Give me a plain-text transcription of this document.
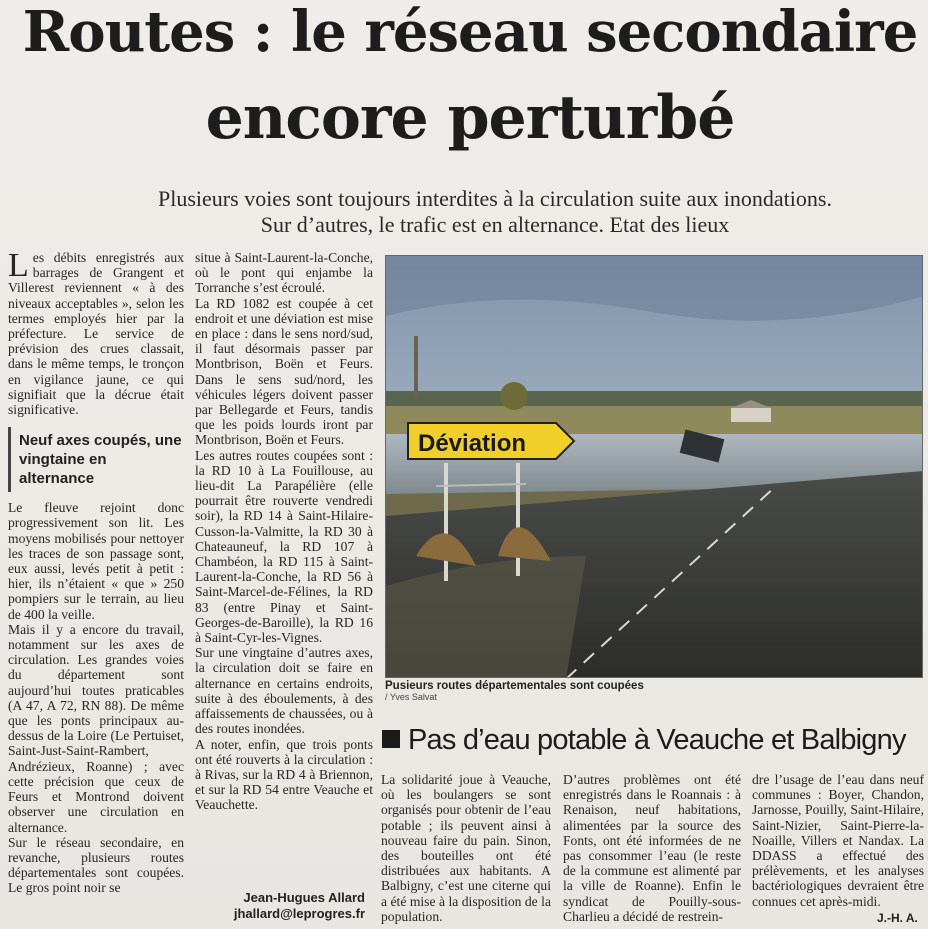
Routes : le réseau secondaire
encore perturbé
Plusieurs voies sont toujours interdites à la circulation suite aux inondations.
Sur d’autres, le trafic est en alternance. Etat des lieux

Les débits enregistrés aux barrages de Grangent et Villerest reviennent « à des niveaux acceptables », selon les termes employés hier par la préfecture. Le service de prévision des crues classait, dans le même temps, le tronçon en vigilance jaune, ce qui signifiait que la décrue était significative.

Neuf axes coupés, une vingtaine en alternance

Le fleuve rejoint donc progressivement son lit. Les moyens mobilisés pour nettoyer les traces de son passage sont, eux aussi, levés petit à petit : hier, ils n’étaient « que » 250 pompiers sur le terrain, au lieu de 400 la veille.

Mais il y a encore du travail, notamment sur les axes de circulation. Les grandes voies du département sont aujourd’hui toutes praticables (A 47, A 72, RN 88). De même que les ponts principaux au-dessus de la Loire (Le Pertuiset, Saint-Just-Saint-Rambert, Andrézieux, Roanne) ; avec cette précision que ceux de Feurs et Montrond doivent observer une circulation en alternance.

Sur le réseau secondaire, en revanche, plusieurs routes départementales sont coupées. Le gros point noir se

situe à Saint-Laurent-la-Conche, où le pont qui enjambe la Torranche s’est écroulé.

La RD 1082 est coupée à cet endroit et une déviation est mise en place : dans le sens nord/sud, il faut désormais passer par Montbrison, Boën et Feurs. Dans le sens sud/nord, les véhicules légers doivent passer par Bellegarde et Feurs, tandis que les poids lourds iront par Montbrison, Boën et Feurs.

Les autres routes coupées sont : la RD 10 à La Fouillouse, au lieu-dit La Parapélière (elle pourrait être rouverte vendredi soir), la RD 14 à Saint-Hilaire-Cusson-la-Valmitte, la RD 30 à Chateauneuf, la RD 107 à Chambéon, la RD 115 à Saint-Laurent-la-Conche, la RD 56 à Saint-Marcel-de-Félines, la RD 83 (entre Pinay et Saint-Georges-de-Baroille), la RD 16 à Saint-Cyr-les-Vignes.

Sur une vingtaine d’autres axes, la circulation doit se faire en alternance en certains endroits, suite à des éboulements, à des affaissements de chaussées, ou à des routes inondées.

A noter, enfin, que trois ponts ont été rouverts à la circulation : à Rivas, sur la RD 4 à Briennon, et sur la RD 54 entre Veauche et Veauchette.

Jean-Hugues Allard
jhallard@leprogres.fr
Déviation
Pusieurs routes départementales sont coupées
/ Yves Salvat
Pas d’eau potable à Veauche et Balbigny
La solidarité joue à Veauche, où les boulangers se sont organisés pour obtenir de l’eau potable ; ils peuvent ainsi à nouveau faire du pain. Sinon, des bouteilles ont été distribuées aux habitants. A Balbigny, c’est une citerne qui a été mise à la disposition de la population.
D’autres problèmes ont été enregistrés dans le Roannais : à Renaison, neuf habitations, alimentées par la source des Fonts, ont été informées de ne pas consommer l’eau (le reste de la commune est alimenté par la ville de Roanne). Enfin le syndicat de Pouilly-sous-Charlieu a décidé de restrein-
dre l’usage de l’eau dans neuf communes : Boyer, Chandon, Jarnosse, Pouilly, Saint-Hilaire, Saint-Nizier, Saint-Pierre-la-Noaille, Villers et Nandax. La DDASS a effectué des prélèvements, et les analyses bactériologiques devraient être connues cet après-midi.
J.-H. A.
